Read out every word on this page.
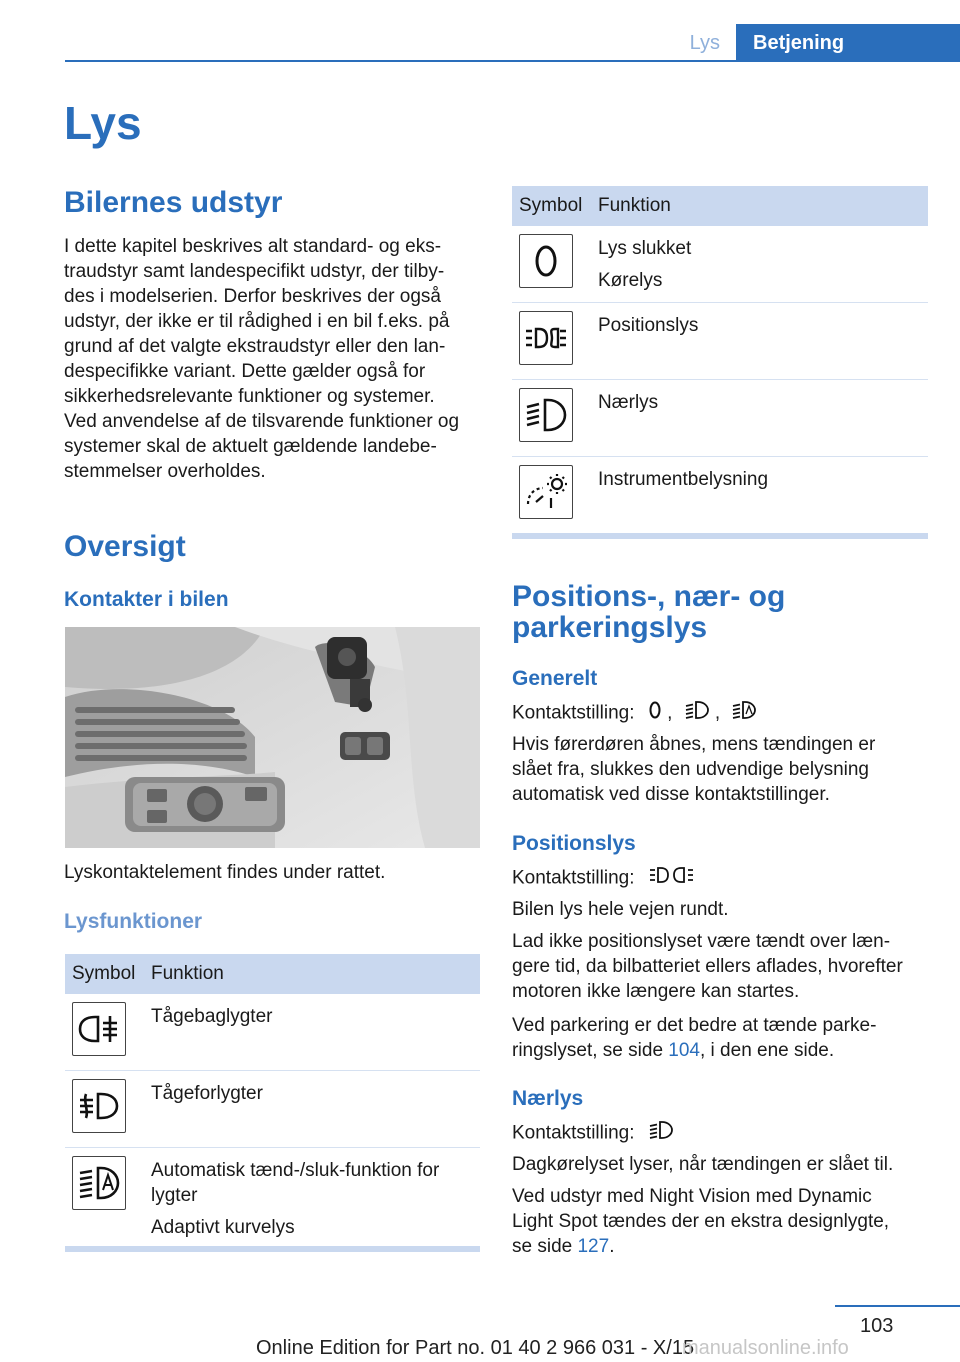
Lys	Betjening
Lys
Bilernes udstyr
I dette kapitel beskrives alt standard- og eks-
traudstyr samt landespecifikt udstyr, der tilby-
des i modelserien. Derfor beskrives der også
udstyr, der ikke er til rådighed i en bil f.eks. på
grund af det valgte ekstraudstyr eller den lan-
despecifikke variant. Dette gælder også for
sikkerhedsrelevante funktioner og systemer.
Ved anvendelse af de tilsvarende funktioner og
systemer skal de aktuelt gældende landebe-
stemmelser overholdes.
Oversigt
Kontakter i bilen

Lyskontaktelement findes under rattet.

Lysfunktioner
Symbol Funktion
Tågebaglygter
Tågeforlygter
Automatisk tænd-/sluk-funktion for
lygter
Adaptivt kurvelys
Symbol Funktion
Lys slukket
Kørelys
Positionslys
Nærlys
Instrumentbelysning
Positions-, nær- og
parkeringslys
Generelt
Kontaktstilling: , ,
Hvis førerdøren åbnes, mens tændingen er
slået fra, slukkes den udvendige belysning
automatisk ved disse kontaktstillinger.
Positionslys
Kontaktstilling:

Bilen lys hele vejen rundt.

Lad ikke positionslyset være tændt over læn-
gere tid, da bilbatteriet ellers aflades, hvorefter
motoren ikke længere kan startes.
Ved parkering er det bedre at tænde parke-
ringslyset, se side 104, i den ene side.
Nærlys
Kontaktstilling:

Dagkørelyset lyser, når tændingen er slået til.

Ved udstyr med Night Vision med Dynamic
Light Spot tændes der en ekstra designlygte,
se side 127.
103
Online Edition for Part no. 01 40 2 966 031 - X/15
manualsonline.info
